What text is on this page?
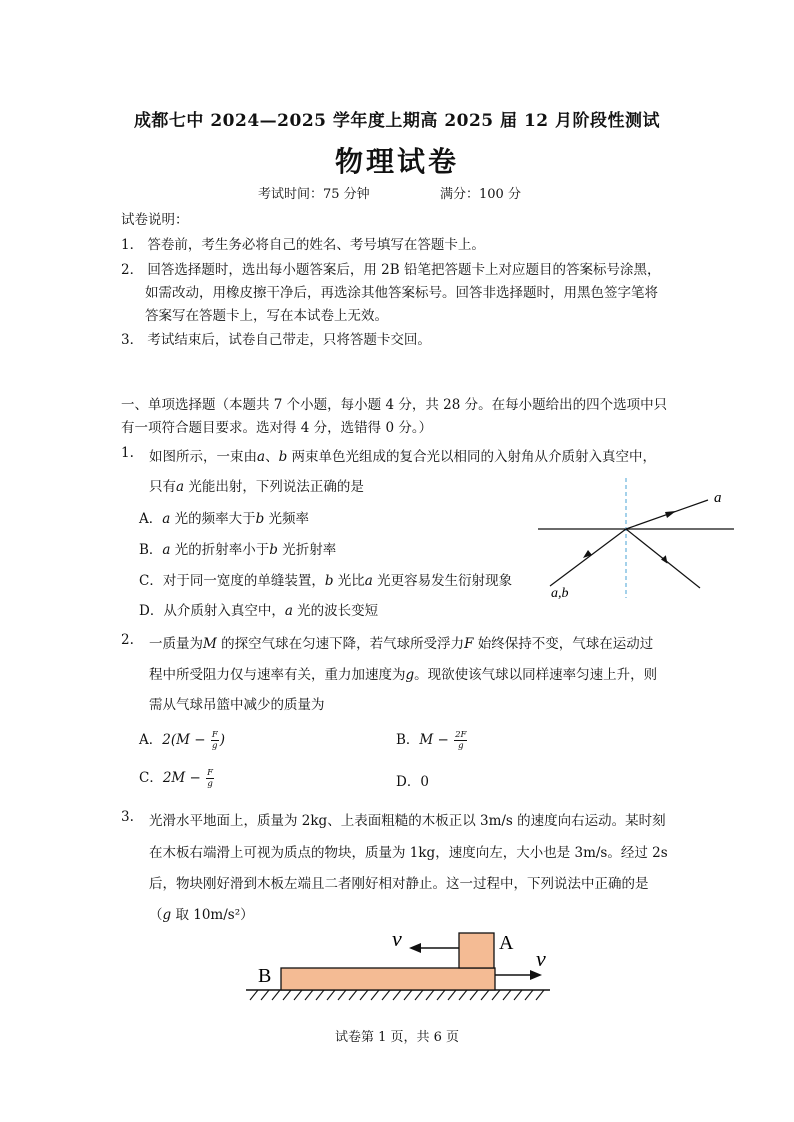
成都七中 2024—2025 学年度上期高 2025 届 12 月阶段性测试
物理试卷
考试时间：75 分钟	满分：100 分
试卷说明：
1． 答卷前，考生务必将自己的姓名、考号填写在答题卡上。
2． 回答选择题时，选出每小题答案后，用 2B 铅笔把答题卡上对应题目的答案标号涂黑，
如需改动，用橡皮擦干净后，再选涂其他答案标号。回答非选择题时，用黑色签字笔将
答案写在答题卡上，写在本试卷上无效。
3． 考试结束后，试卷自己带走，只将答题卡交回。
一、单项选择题（本题共 7 个小题，每小题 4 分，共 28 分。在每小题给出的四个选项中只
有一项符合题目要求。选对得 4 分，选错得 0 分。）
1. 如图所示，一束由a、b 两束单色光组成的复合光以相同的入射角从介质射入真空中，
只有a 光能出射，下列说法正确的是
A．a 光的频率大于b 光频率
B．a 光的折射率小于b 光折射率
C．对于同一宽度的单缝装置，b 光比a 光更容易发生衍射现象
D．从介质射入真空中，a 光的波长变短
a
a,b
2. 一质量为M 的探空气球在匀速下降，若气球所受浮力F 始终保持不变，气球在运动过
程中所受阻力仅与速率有关，重力加速度为g。现欲使该气球以同样速率匀速上升，则
需从气球吊篮中减少的质量为
A．$2(M - \frac{F}{g}$ )	B．$M - \frac{2F}{g}$
C．$2M - \frac{F}{g}$	D．0
3. 光滑水平地面上，质量为 2kg、上表面粗糙的木板正以 3m/s 的速度向右运动。某时刻
在木板右端滑上可视为质点的物块，质量为 1kg，速度向左，大小也是 3m/s。经过 2s
后，物块刚好滑到木板左端且二者刚好相对静止。这一过程中，下列说法中正确的是
（g 取 10m/s²）
B
A
v
v
试卷第 1 页，共 6 页
